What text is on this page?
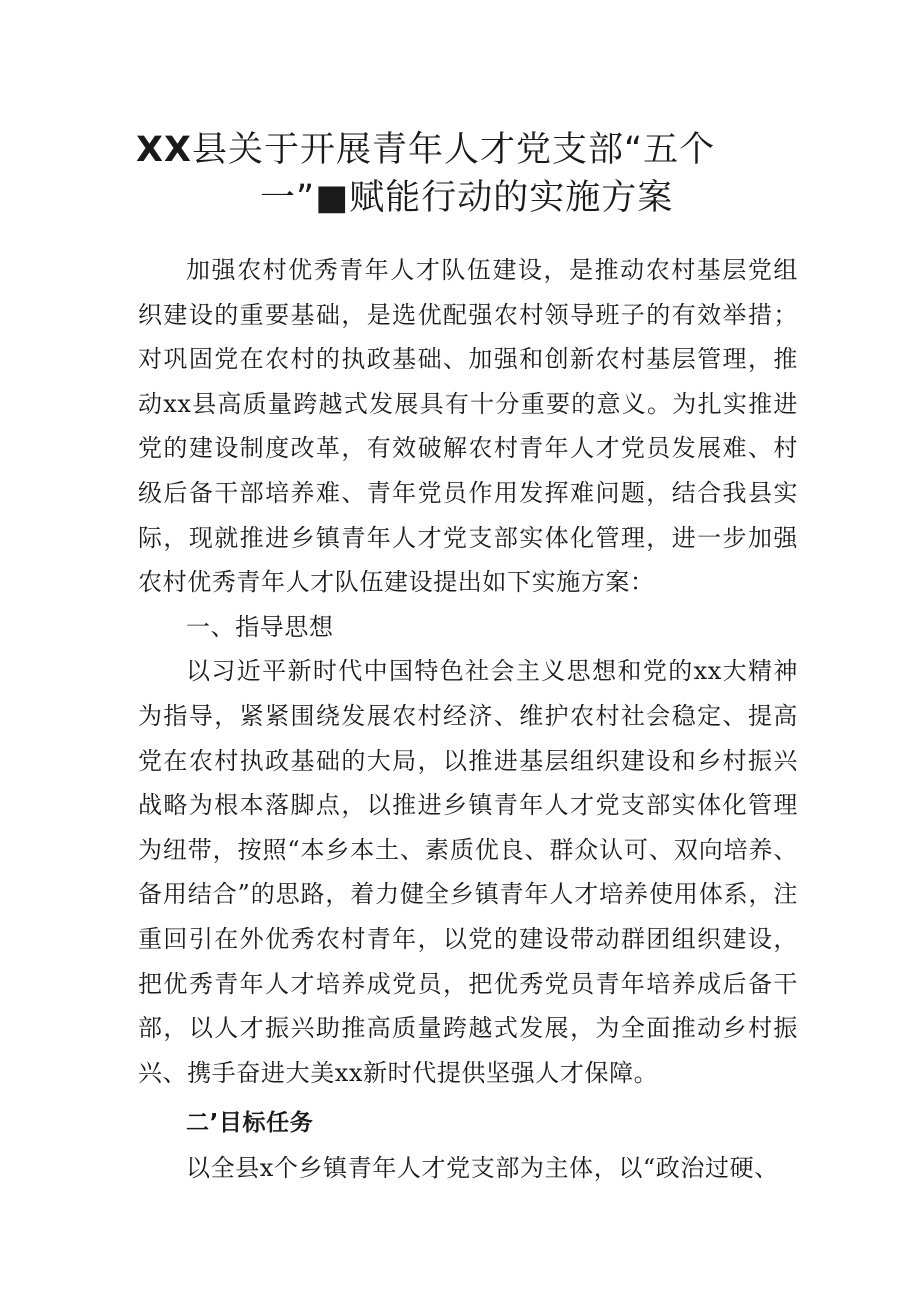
XX县关于开展青年人才党支部“五个
一”■赋能行动的实施方案

加强农村优秀青年人才队伍建设，是推动农村基层党组织建设的重要基础，是选优配强农村领导班子的有效举措；对巩固党在农村的执政基础、加强和创新农村基层管理，推动xx县高质量跨越式发展具有十分重要的意义。为扎实推进党的建设制度改革，有效破解农村青年人才党员发展难、村级后备干部培养难、青年党员作用发挥难问题，结合我县实际，现就推进乡镇青年人才党支部实体化管理，进一步加强农村优秀青年人才队伍建设提出如下实施方案：

一、指导思想

以习近平新时代中国特色社会主义思想和党的xx大精神为指导，紧紧围绕发展农村经济、维护农村社会稳定、提高党在农村执政基础的大局，以推进基层组织建设和乡村振兴战略为根本落脚点，以推进乡镇青年人才党支部实体化管理为纽带，按照“本乡本土、素质优良、群众认可、双向培养、备用结合”的思路，着力健全乡镇青年人才培养使用体系，注重回引在外优秀农村青年，以党的建设带动群团组织建设，把优秀青年人才培养成党员，把优秀党员青年培养成后备干部，以人才振兴助推高质量跨越式发展，为全面推动乡村振兴、携手奋进大美xx新时代提供坚强人才保障。

二’目标任务

以全县x个乡镇青年人才党支部为主体，以“政治过硬、
